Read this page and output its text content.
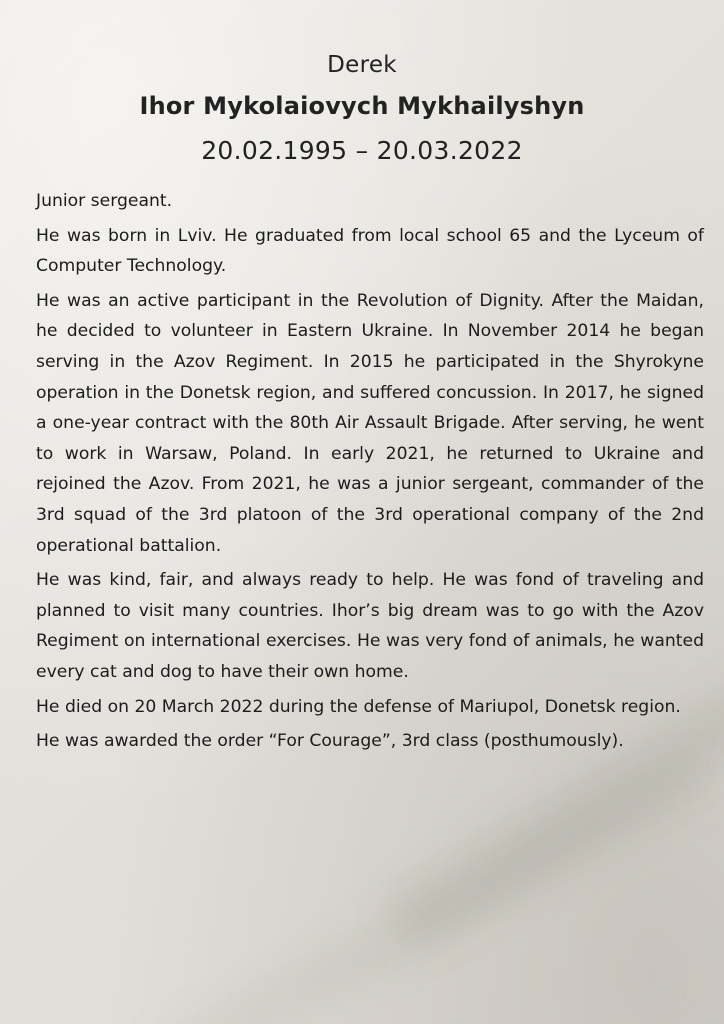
Derek
Ihor Mykolaiovych Mykhailyshyn
20.02.1995 – 20.03.2022

Junior sergeant.

He was born in Lviv. He graduated from local school 65 and the Lyceum of Computer Technology.

He was an active participant in the Revolution of Dignity. After the Maidan, he decided to volunteer in Eastern Ukraine. In November 2014 he began serving in the Azov Regiment. In 2015 he participated in the Shyrokyne operation in the Donetsk region, and suffered concussion. In 2017, he signed a one-year contract with the 80th Air Assault Brigade. After serving, he went to work in Warsaw, Poland. In early 2021, he returned to Ukraine and rejoined the Azov. From 2021, he was a junior sergeant, commander of the 3rd squad of the 3rd platoon of the 3rd operational company of the 2nd operational battalion.

He was kind, fair, and always ready to help. He was fond of traveling and planned to visit many countries. Ihor’s big dream was to go with the Azov Regiment on international exercises. He was very fond of animals, he wanted every cat and dog to have their own home.

He died on 20 March 2022 during the defense of Mariupol, Donetsk region.

He was awarded the order “For Courage”, 3rd class (posthumously).
